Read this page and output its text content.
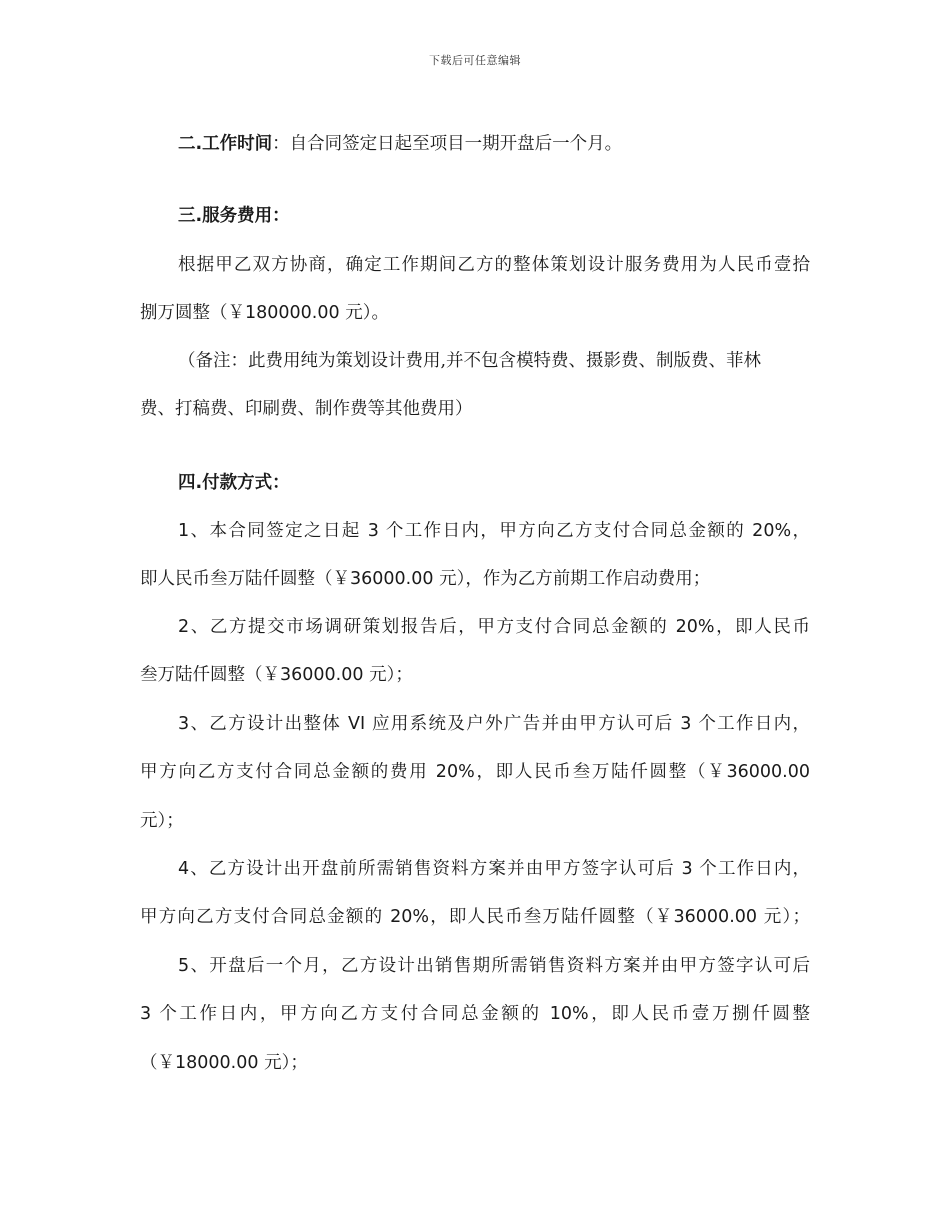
下载后可任意编辑
二.工作时间：自合同签定日起至项目一期开盘后一个月。
三.服务费用：
根据甲乙双方协商，确定工作期间乙方的整体策划设计服务费用为人民币壹拾
捌万圆整（￥180000.00 元）。
（备注：此费用纯为策划设计费用,并不包含模特费、摄影费、制版费、菲林
费、打稿费、印刷费、制作费等其他费用）
四.付款方式：
1、本合同签定之日起 3 个工作日内，甲方向乙方支付合同总金额的 20%，
即人民币叁万陆仟圆整（￥36000.00 元），作为乙方前期工作启动费用；
2、乙方提交市场调研策划报告后，甲方支付合同总金额的 20%，即人民币
叁万陆仟圆整（￥36000.00 元）；
3、乙方设计出整体 VI 应用系统及户外广告并由甲方认可后 3 个工作日内，
甲方向乙方支付合同总金额的费用 20%，即人民币叁万陆仟圆整（￥36000.00
元）；
4、乙方设计出开盘前所需销售资料方案并由甲方签字认可后 3 个工作日内，
甲方向乙方支付合同总金额的 20%，即人民币叁万陆仟圆整（￥36000.00 元）；
5、开盘后一个月，乙方设计出销售期所需销售资料方案并由甲方签字认可后
3 个工作日内，甲方向乙方支付合同总金额的 10%，即人民币壹万捌仟圆整
（￥18000.00 元）；
